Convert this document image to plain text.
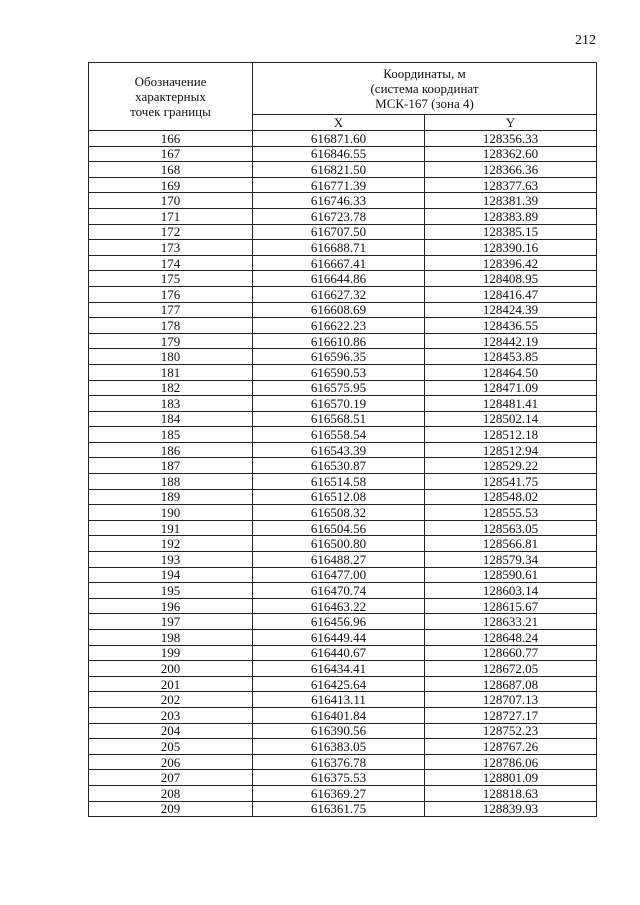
212
Обозначение
характерных
точек границы	Координаты, м
(система координат
МСК-167 (зона 4)	

	X	Y
166	616871.60	128356.33
167	616846.55	128362.60
168	616821.50	128366.36
169	616771.39	128377.63
170	616746.33	128381.39
171	616723.78	128383.89
172	616707.50	128385.15
173	616688.71	128390.16
174	616667.41	128396.42
175	616644.86	128408.95
176	616627.32	128416.47
177	616608.69	128424.39
178	616622.23	128436.55
179	616610.86	128442.19
180	616596.35	128453.85
181	616590.53	128464.50
182	616575.95	128471.09
183	616570.19	128481.41
184	616568.51	128502.14
185	616558.54	128512.18
186	616543.39	128512.94
187	616530.87	128529.22
188	616514.58	128541.75
189	616512.08	128548.02
190	616508.32	128555.53
191	616504.56	128563.05
192	616500.80	128566.81
193	616488.27	128579.34
194	616477.00	128590.61
195	616470.74	128603.14
196	616463.22	128615.67
197	616456.96	128633.21
198	616449.44	128648.24
199	616440.67	128660.77
200	616434.41	128672.05
201	616425.64	128687.08
202	616413.11	128707.13
203	616401.84	128727.17
204	616390.56	128752.23
205	616383.05	128767.26
206	616376.78	128786.06
207	616375.53	128801.09
208	616369.27	128818.63
209	616361.75	128839.93
